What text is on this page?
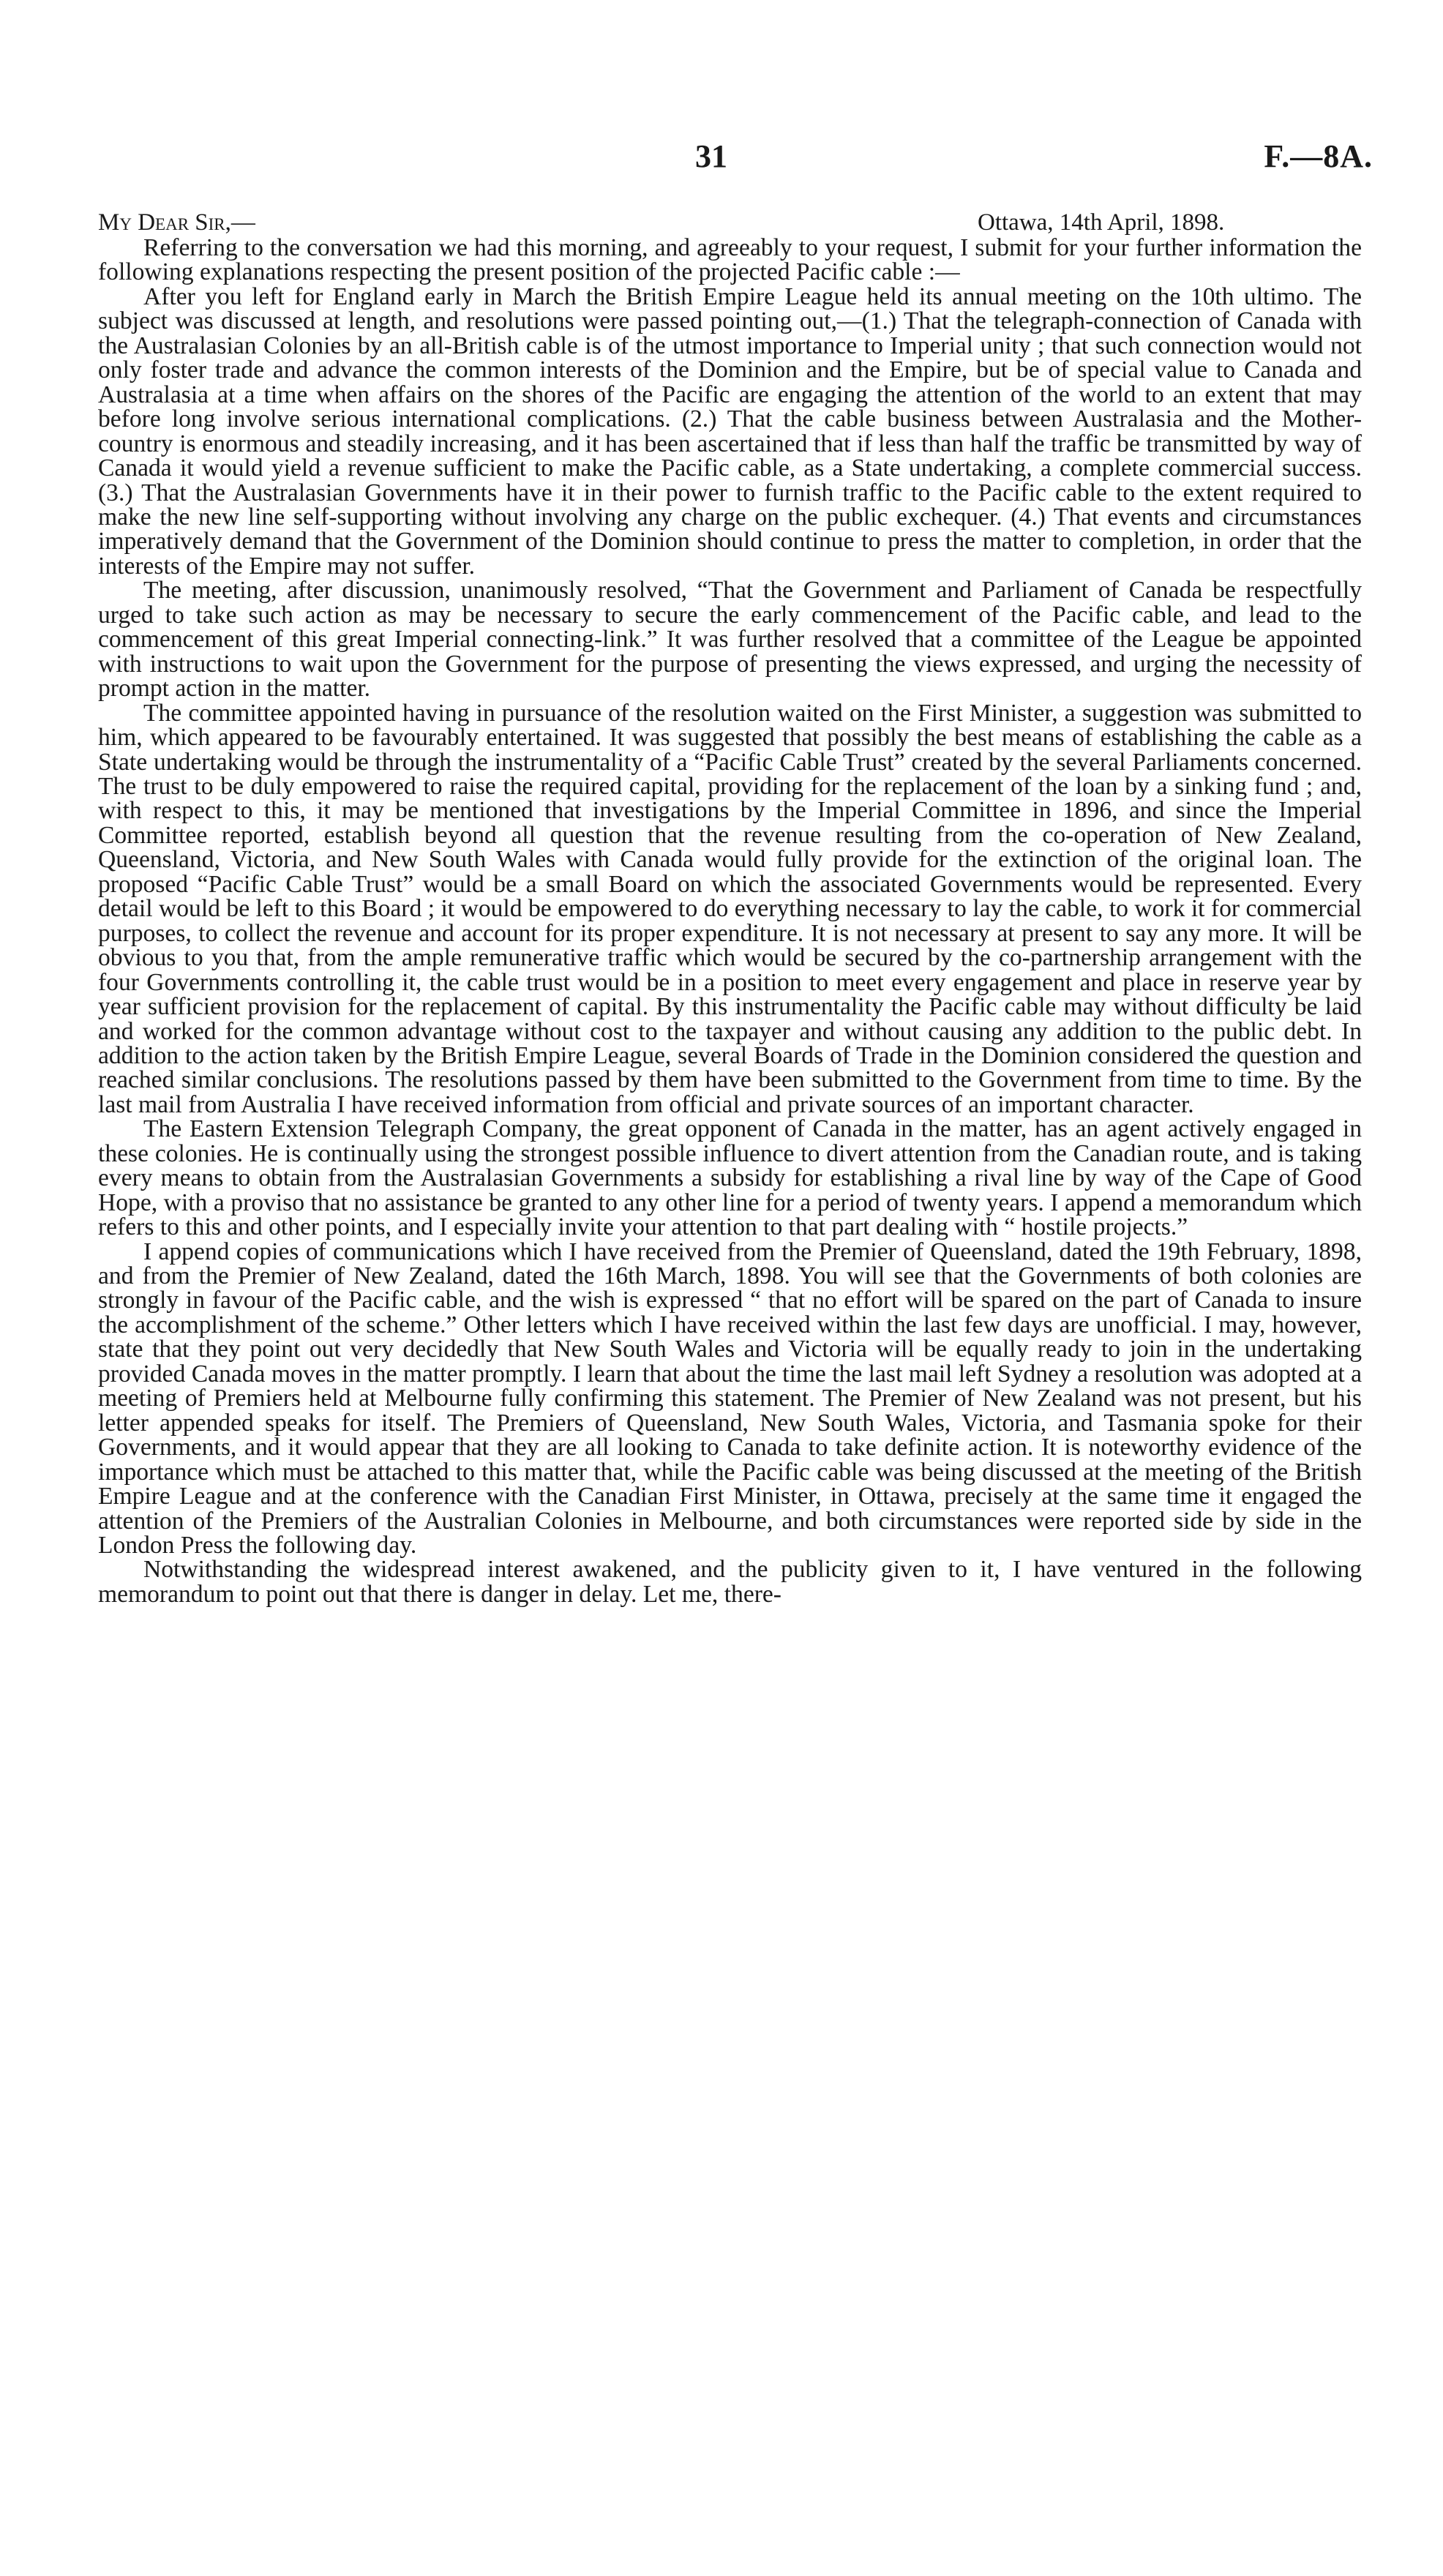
31	F.—8A.
My Dear Sir,—	Ottawa, 14th April, 1898.

Referring to the conversation we had this morning, and agreeably to your request, I submit for your further information the following explanations respecting the present position of the projected Pacific cable :—

After you left for England early in March the British Empire League held its annual meeting on the 10th ultimo. The subject was discussed at length, and resolutions were passed pointing out,—(1.) That the telegraph-connection of Canada with the Australasian Colonies by an all-British cable is of the utmost importance to Imperial unity ; that such connection would not only foster trade and advance the common interests of the Dominion and the Empire, but be of special value to Canada and Australasia at a time when affairs on the shores of the Pacific are engaging the attention of the world to an extent that may before long involve serious international complications. (2.) That the cable business between Australasia and the Mother-country is enormous and steadily increasing, and it has been ascertained that if less than half the traffic be transmitted by way of Canada it would yield a revenue sufficient to make the Pacific cable, as a State undertaking, a complete commercial success. (3.) That the Australasian Governments have it in their power to furnish traffic to the Pacific cable to the extent required to make the new line self-supporting without involving any charge on the public exchequer. (4.) That events and circumstances imperatively demand that the Government of the Dominion should continue to press the matter to completion, in order that the interests of the Empire may not suffer.

The meeting, after discussion, unanimously resolved, “That the Government and Parliament of Canada be respectfully urged to take such action as may be necessary to secure the early commencement of the Pacific cable, and lead to the commencement of this great Imperial connecting-link.” It was further resolved that a committee of the League be appointed with instructions to wait upon the Government for the purpose of presenting the views expressed, and urging the necessity of prompt action in the matter.

The committee appointed having in pursuance of the resolution waited on the First Minister, a suggestion was submitted to him, which appeared to be favourably entertained. It was suggested that possibly the best means of establishing the cable as a State undertaking would be through the instrumentality of a “Pacific Cable Trust” created by the several Parliaments concerned. The trust to be duly empowered to raise the required capital, providing for the replacement of the loan by a sinking fund ; and, with respect to this, it may be mentioned that investigations by the Imperial Committee in 1896, and since the Imperial Committee reported, establish beyond all question that the revenue resulting from the co-operation of New Zealand, Queensland, Victoria, and New South Wales with Canada would fully provide for the extinction of the original loan. The proposed “Pacific Cable Trust” would be a small Board on which the associated Governments would be represented. Every detail would be left to this Board ; it would be empowered to do everything necessary to lay the cable, to work it for commercial purposes, to collect the revenue and account for its proper expenditure. It is not necessary at present to say any more. It will be obvious to you that, from the ample remunerative traffic which would be secured by the co-partnership arrangement with the four Governments controlling it, the cable trust would be in a position to meet every engagement and place in reserve year by year sufficient provision for the replacement of capital. By this instrumentality the Pacific cable may without difficulty be laid and worked for the common advantage without cost to the taxpayer and without causing any addition to the public debt. In addition to the action taken by the British Empire League, several Boards of Trade in the Dominion considered the question and reached similar conclusions. The resolutions passed by them have been submitted to the Government from time to time. By the last mail from Australia I have received information from official and private sources of an important character.

The Eastern Extension Telegraph Company, the great opponent of Canada in the matter, has an agent actively engaged in these colonies. He is continually using the strongest possible influence to divert attention from the Canadian route, and is taking every means to obtain from the Australasian Governments a subsidy for establishing a rival line by way of the Cape of Good Hope, with a proviso that no assistance be granted to any other line for a period of twenty years. I append a memorandum which refers to this and other points, and I especially invite your attention to that part dealing with “ hostile projects.”

I append copies of communications which I have received from the Premier of Queensland, dated the 19th February, 1898, and from the Premier of New Zealand, dated the 16th March, 1898. You will see that the Governments of both colonies are strongly in favour of the Pacific cable, and the wish is expressed “ that no effort will be spared on the part of Canada to insure the accomplishment of the scheme.” Other letters which I have received within the last few days are unofficial. I may, however, state that they point out very decidedly that New South Wales and Victoria will be equally ready to join in the undertaking provided Canada moves in the matter promptly. I learn that about the time the last mail left Sydney a resolution was adopted at a meeting of Premiers held at Melbourne fully confirming this statement. The Premier of New Zealand was not present, but his letter appended speaks for itself. The Premiers of Queensland, New South Wales, Victoria, and Tasmania spoke for their Governments, and it would appear that they are all looking to Canada to take definite action. It is noteworthy evidence of the importance which must be attached to this matter that, while the Pacific cable was being discussed at the meeting of the British Empire League and at the conference with the Canadian First Minister, in Ottawa, precisely at the same time it engaged the attention of the Premiers of the Australian Colonies in Melbourne, and both circumstances were reported side by side in the London Press the following day.

Notwithstanding the widespread interest awakened, and the publicity given to it, I have ventured in the following memorandum to point out that there is danger in delay. Let me, there-
